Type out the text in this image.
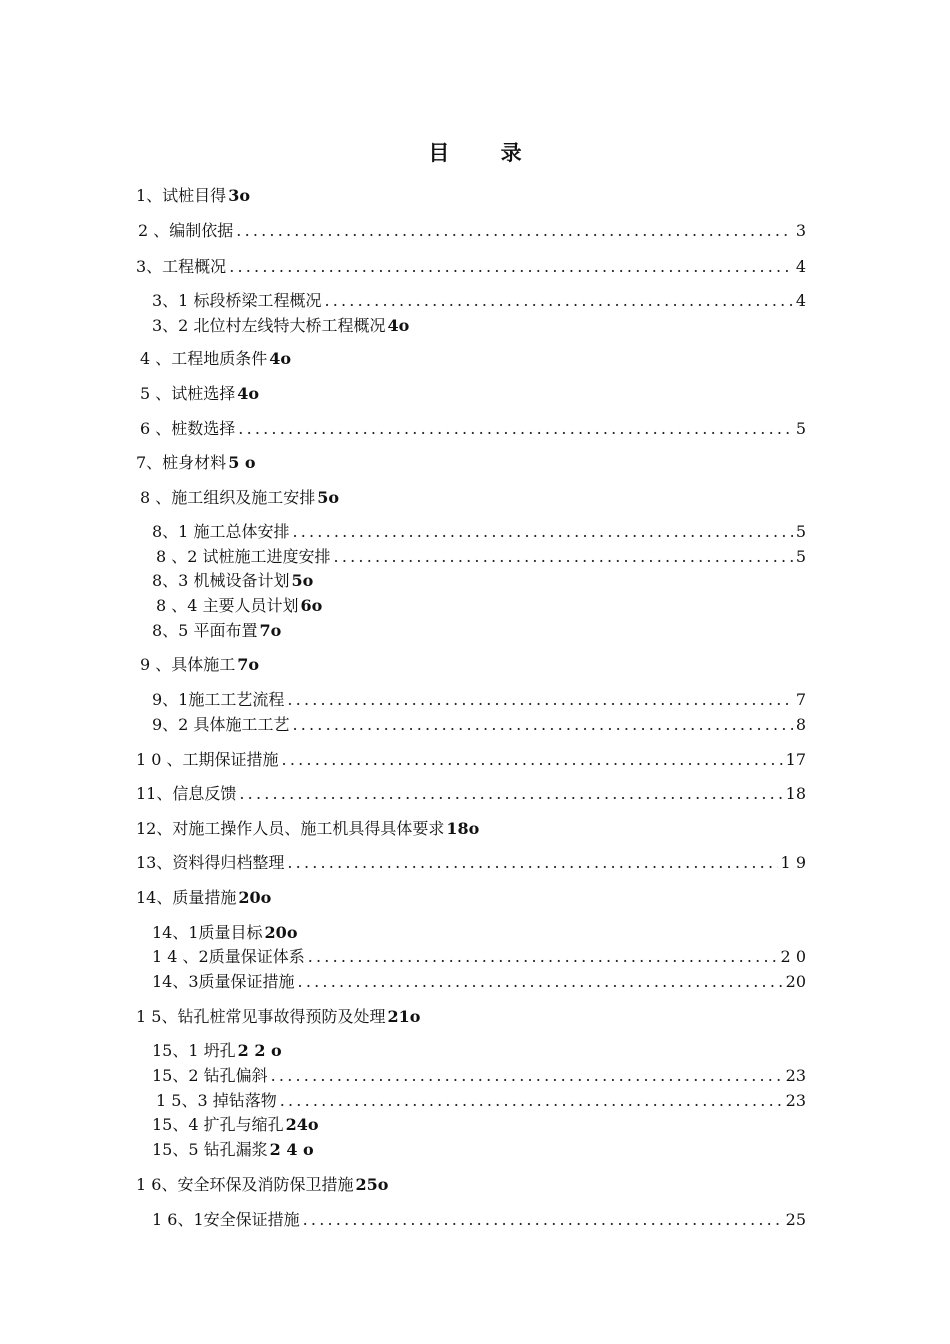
目 录
1、试桩目得 3o
2 、编制依据 .....	3
3、工程概况 .....	4
3、1 标段桥梁工程概况 .....	4
3、2 北位村左线特大桥工程概况 4o
4 、工程地质条件 4o
5 、试桩选择 4o
6 、桩数选择 .....	5
7、桩身材料 5 o
8 、施工组织及施工安排 5o
8、1 施工总体安排 .....	5
8 、2 试桩施工进度安排 .....	5
8、3 机械设备计划 5o
8 、4 主要人员计划 6o
8、5 平面布置 7o
9 、具体施工 7o
9、1施工工艺流程 .....	7
9、2 具体施工工艺 .....	8
1 0 、工期保证措施 .....	17
11、信息反馈 .....	18
12、对施工操作人员、施工机具得具体要求 18o
13、资料得归档整理 .....	1 9
14、质量措施 20o
14、1质量目标 20o
1 4 、2质量保证体系 .....	2 0
14、3质量保证措施 .....	20
1 5、钻孔桩常见事故得预防及处理 21o
15、1 坍孔 2 2 o
15、2 钻孔偏斜 .....	23
1 5、3 掉钻落物 .....	23
15、4 扩孔与缩孔 24o
15、5 钻孔漏浆 2 4 o
1 6、安全环保及消防保卫措施 25o
1 6、1安全保证措施 .....	25
